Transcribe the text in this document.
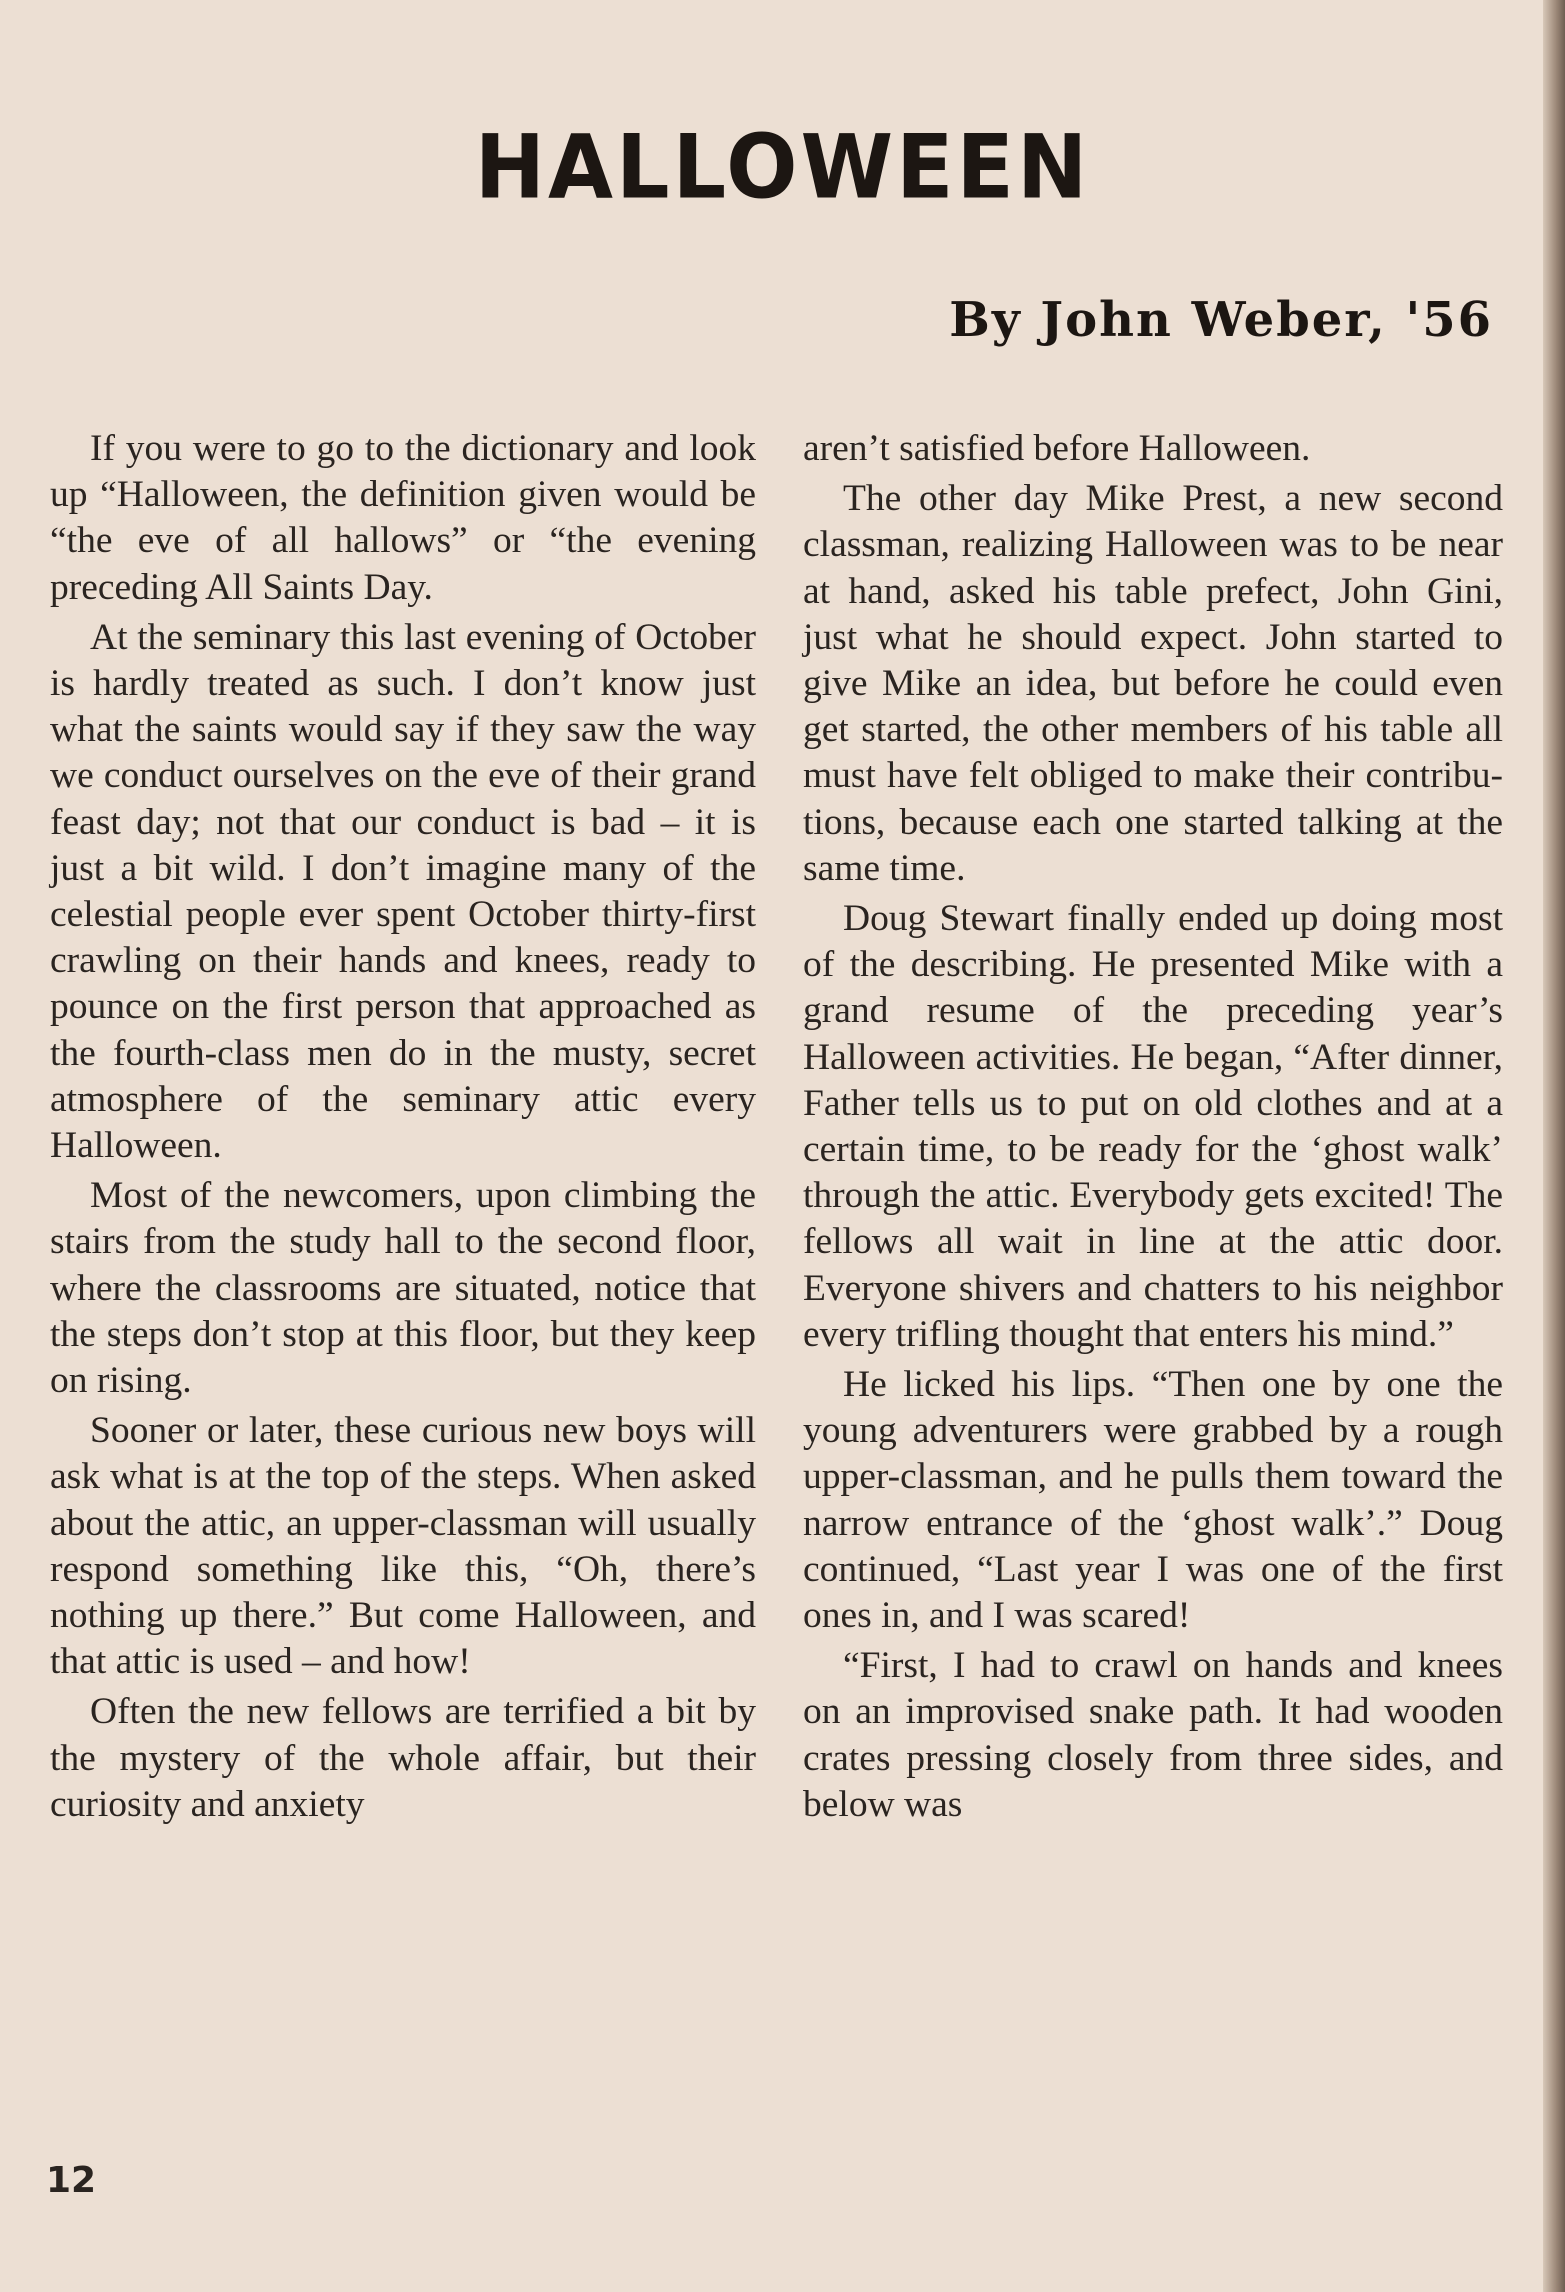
HALLOWEEN
By John Weber, '56

If you were to go to the dictionary and look up “Halloween, the definition given would be “the eve of all hallows” or “the evening preceding All Saints Day.

At the seminary this last evening of October is hardly treated as such. I don’t know just what the saints would say if they saw the way we conduct ourselves on the eve of their grand feast day; not that our conduct is bad – it is just a bit wild. I don’t imagine many of the celestial people ever spent October thirty-first crawling on their hands and knees, ready to pounce on the first person that approached as the fourth-class men do in the musty, secret atmosphere of the seminary attic every Halloween.

Most of the newcomers, upon climbing the stairs from the study hall to the second floor, where the classrooms are situated, notice that the steps don’t stop at this floor, but they keep on rising.

Sooner or later, these curious new boys will ask what is at the top of the steps. When asked about the attic, an upper-classman will usually respond something like this, “Oh, there’s nothing up there.” But come Halloween, and that attic is used – and how!

Often the new fellows are terrified a bit by the mystery of the whole affair, but their curiosity and anxiety

aren’t satisfied before Halloween.

The other day Mike Prest, a new second classman, realizing Halloween was to be near at hand, asked his table prefect, John Gini, just what he should expect. John started to give Mike an idea, but before he could even get started, the other members of his table all must have felt obliged to make their contributions, because each one started talking at the same time.

Doug Stewart finally ended up doing most of the describing. He presented Mike with a grand resume of the preceding year’s Halloween activities. He began, “After dinner, Father tells us to put on old clothes and at a certain time, to be ready for the ‘ghost walk’ through the attic. Everybody gets excited! The fellows all wait in line at the attic door. Everyone shivers and chatters to his neighbor every trifling thought that enters his mind.”

He licked his lips. “Then one by one the young adventurers were grabbed by a rough upper-classman, and he pulls them toward the narrow entrance of the ‘ghost walk’.” Doug continued, “Last year I was one of the first ones in, and I was scared!

“First, I had to crawl on hands and knees on an improvised snake path. It had wooden crates pressing closely from three sides, and below was

12
